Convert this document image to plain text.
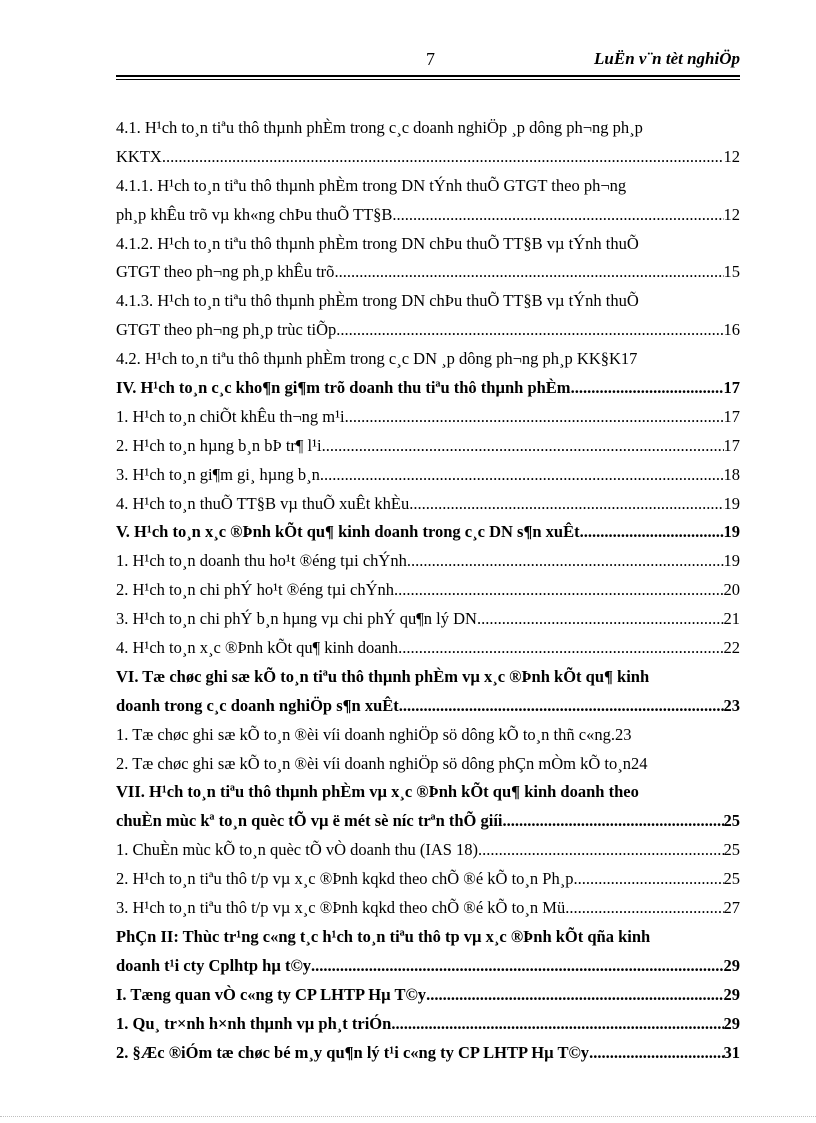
7	LuËn v¨n tèt nghiÖp
4.1. H¹ch to¸n tiªu thô thµnh phÈm trong c¸c doanh nghiÖp ¸p dông ph¬ng ph¸p
KKTX .....	12
4.1.1. H¹ch to¸n tiªu thô thµnh phÈm trong DN tÝnh thuÕ GTGT theo ph¬ng
ph¸p khÊu trõ vµ kh«ng chÞu thuÕ TT§B .....	12
4.1.2. H¹ch to¸n tiªu thô thµnh phÈm trong DN chÞu thuÕ TT§B vµ tÝnh thuÕ
GTGT theo ph¬ng ph¸p khÊu trõ .....	15
4.1.3. H¹ch to¸n tiªu thô thµnh phÈm trong DN chÞu thuÕ TT§B vµ tÝnh thuÕ
GTGT theo ph¬ng ph¸p trùc tiÕp .....	16
4.2. H¹ch to¸n tiªu thô thµnh phÈm trong c¸c DN ¸p dông ph¬ng ph¸p KK§K17
IV. H¹ch to¸n c¸c kho¶n gi¶m trõ doanh thu tiªu thô thµnh phÈm .....	17
1. H¹ch to¸n chiÕt khÊu th¬ng m¹i .....	17
2. H¹ch to¸n hµng b¸n bÞ tr¶ l¹i .....	17
3. H¹ch to¸n gi¶m gi¸ hµng b¸n .....	18
4. H¹ch to¸n thuÕ TT§B vµ thuÕ xuÊt khÈu .....	19
V. H¹ch to¸n x¸c ®Þnh kÕt qu¶ kinh doanh trong c¸c DN s¶n xuÊt .....	19
1. H¹ch to¸n doanh thu ho¹t ®éng tµi chÝnh .....	19
2. H¹ch to¸n chi phÝ ho¹t ®éng tµi chÝnh .....	20
3. H¹ch to¸n chi phÝ b¸n hµng vµ chi phÝ qu¶n lý DN .....	21
4. H¹ch to¸n x¸c ®Þnh kÕt qu¶ kinh doanh .....	22
VI. Tæ chøc ghi sæ kÕ to¸n tiªu thô thµnh phÈm vµ x¸c ®Þnh kÕt qu¶ kinh
doanh trong c¸c doanh nghiÖp s¶n xuÊt .....	23
1. Tæ chøc ghi sæ kÕ to¸n ®èi víi doanh nghiÖp sö dông kÕ to¸n thñ c«ng.23
2. Tæ chøc ghi sæ kÕ to¸n ®èi víi doanh nghiÖp sö dông phÇn mÒm kÕ to¸n24
VII. H¹ch to¸n tiªu thô thµnh phÈm vµ x¸c ®Þnh kÕt qu¶ kinh doanh theo
chuÈn mùc kª to¸n quèc tÕ vµ ë mét sè níc trªn thÕ giíi .....	25
1. ChuÈn mùc kÕ to¸n quèc tÕ vÒ doanh thu (IAS 18) .....	25
2. H¹ch to¸n tiªu thô t/p vµ x¸c ®Þnh kqkd theo chÕ ®é kÕ to¸n Ph¸p .....	25
3. H¹ch to¸n tiªu thô t/p vµ x¸c ®Þnh kqkd theo chÕ ®é kÕ to¸n Mü .....	27
PhÇn II: Thùc tr¹ng c«ng t¸c h¹ch to¸n tiªu thô tp vµ x¸c ®Þnh kÕt qña kinh
doanh t¹i cty Cplhtp hµ t©y .....	29
I. Tæng quan vÒ c«ng ty CP LHTP Hµ T©y .....	29
1. Qu¸ tr×nh h×nh thµnh vµ ph¸t triÓn .....	29
2. §Æc ®iÓm tæ chøc bé m¸y qu¶n lý t¹i c«ng ty CP LHTP Hµ T©y .....	31
